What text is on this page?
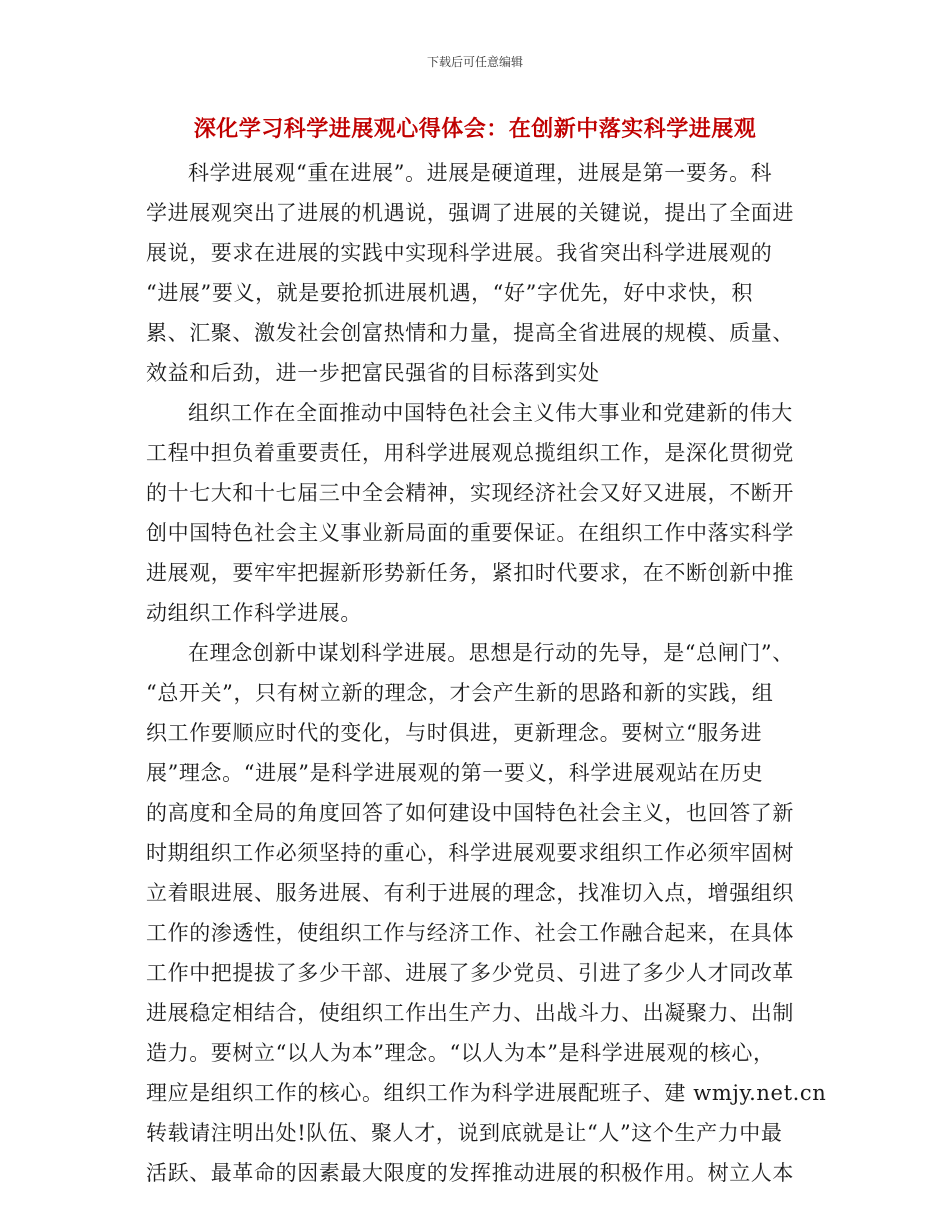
下载后可任意编辑
深化学习科学进展观心得体会：在创新中落实科学进展观
科学进展观“重在进展”。进展是硬道理，进展是第一要务。科
学进展观突出了进展的机遇说，强调了进展的关键说，提出了全面进
展说，要求在进展的实践中实现科学进展。我省突出科学进展观的
“进展”要义，就是要抢抓进展机遇，“好”字优先，好中求快，积
累、汇聚、激发社会创富热情和力量，提高全省进展的规模、质量、
效益和后劲，进一步把富民强省的目标落到实处
组织工作在全面推动中国特色社会主义伟大事业和党建新的伟大
工程中担负着重要责任，用科学进展观总揽组织工作，是深化贯彻党
的十七大和十七届三中全会精神，实现经济社会又好又进展，不断开
创中国特色社会主义事业新局面的重要保证。在组织工作中落实科学
进展观，要牢牢把握新形势新任务，紧扣时代要求，在不断创新中推
动组织工作科学进展。
在理念创新中谋划科学进展。思想是行动的先导，是“总闸门”、
“总开关”，只有树立新的理念，才会产生新的思路和新的实践，组
织工作要顺应时代的变化，与时俱进，更新理念。要树立“服务进
展”理念。“进展”是科学进展观的第一要义，科学进展观站在历史
的高度和全局的角度回答了如何建设中国特色社会主义，也回答了新
时期组织工作必须坚持的重心，科学进展观要求组织工作必须牢固树
立着眼进展、服务进展、有利于进展的理念，找准切入点，增强组织
工作的渗透性，使组织工作与经济工作、社会工作融合起来，在具体
工作中把提拔了多少干部、进展了多少党员、引进了多少人才同改革
进展稳定相结合，使组织工作出生产力、出战斗力、出凝聚力、出制
造力。要树立“以人为本”理念。“以人为本”是科学进展观的核心，
理应是组织工作的核心。组织工作为科学进展配班子、建 wmjy.net.cn
转载请注明出处!队伍、聚人才，说到底就是让“人”这个生产力中最
活跃、最革命的因素最大限度的发挥推动进展的积极作用。树立人本
